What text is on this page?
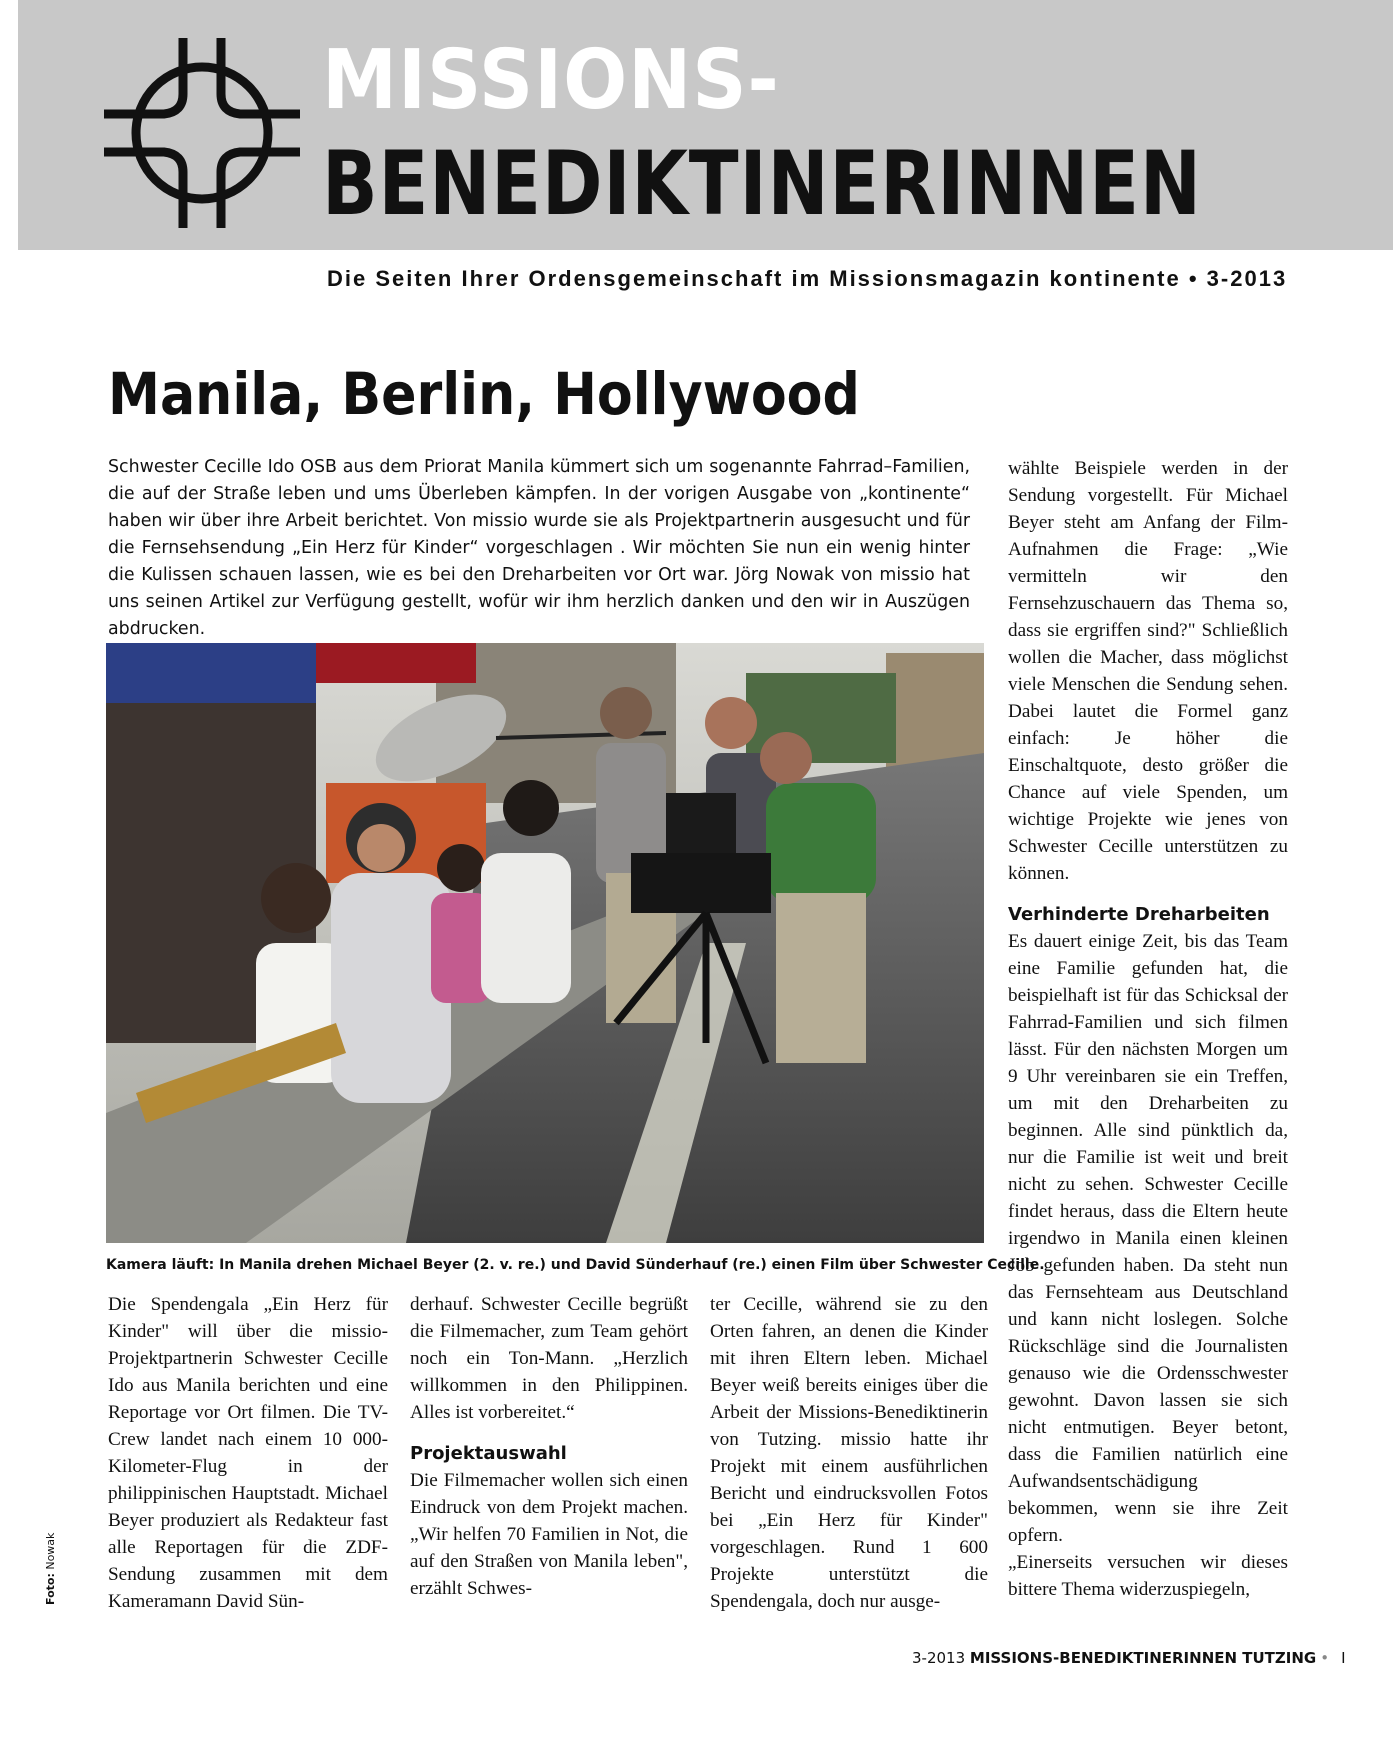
MISSIONS-
BENEDIKTINERINNEN
Die Seiten Ihrer Ordensgemeinschaft im Missionsmagazin kontinente • 3-2013
Manila, Berlin, Hollywood
Schwester Cecille Ido OSB aus dem Priorat Manila kümmert sich um sogenannte Fahrrad–Familien, die auf der Straße leben und ums Überleben kämpfen. In der vorigen Ausgabe von „kontinente“ haben wir über ihre Arbeit berichtet. Von missio wurde sie als Projektpartnerin ausgesucht und für die Fernsehsendung „Ein Herz für Kinder“ vorgeschlagen . Wir möchten Sie nun ein wenig hinter die Kulissen schauen lassen, wie es bei den Dreharbeiten vor Ort war. Jörg Nowak von missio hat uns seinen Artikel zur Verfügung gestellt, wofür wir ihm herzlich danken und den wir in Auszügen abdrucken.
Kamera läuft: In Manila drehen Michael Beyer (2. v. re.) und David Sünderhauf (re.) einen Film über Schwester Cecille.
Die Spendengala „Ein Herz für Kinder" will über die missio-Projektpartnerin Schwester Cecille Ido aus Manila berichten und eine Reportage vor Ort filmen. Die TV-Crew landet nach einem 10 000-Kilometer-Flug in der philippinischen Hauptstadt. Michael Beyer produziert als Redakteur fast alle Reportagen für die ZDF-Sendung zusammen mit dem Kameramann David Sün-
derhauf. Schwester Cecille begrüßt die Filmemacher, zum Team gehört noch ein Ton-Mann. „Herzlich willkommen in den Philippinen. Alles ist vorbereitet.“
Projektauswahl
Die Filmemacher wollen sich einen Eindruck von dem Projekt machen. „Wir helfen 70 Familien in Not, die auf den Straßen von Manila leben", erzählt Schwes-
ter Cecille, während sie zu den Orten fahren, an denen die Kinder mit ihren Eltern leben. Michael Beyer weiß bereits einiges über die Arbeit der Missions-Benediktinerin von Tutzing. missio hatte ihr Projekt mit einem ausführlichen Bericht und eindrucksvollen Fotos bei „Ein Herz für Kinder" vorgeschlagen. Rund 1 600 Projekte unterstützt die Spendengala, doch nur ausge-
wählte Beispiele werden in der Sendung vorgestellt. Für Michael Beyer steht am Anfang der Film-Aufnahmen die Frage: „Wie vermitteln wir den Fernsehzuschauern das Thema so, dass sie ergriffen sind?" Schließlich wollen die Macher, dass möglichst viele Menschen die Sendung sehen. Dabei lautet die Formel ganz einfach: Je höher die Einschaltquote, desto größer die Chance auf viele Spenden, um wichtige Projekte wie jenes von Schwester Cecille unterstützen zu können.
Verhinderte Dreharbeiten
Es dauert einige Zeit, bis das Team eine Familie gefunden hat, die beispielhaft ist für das Schicksal der Fahrrad-Familien und sich filmen lässt. Für den nächsten Morgen um 9 Uhr vereinbaren sie ein Treffen, um mit den Dreharbeiten zu beginnen. Alle sind pünktlich da, nur die Familie ist weit und breit nicht zu sehen. Schwester Cecille findet heraus, dass die Eltern heute irgendwo in Manila einen kleinen Job gefunden haben. Da steht nun das Fernsehteam aus Deutschland und kann nicht loslegen. Solche Rückschläge sind die Journalisten genauso wie die Ordensschwester gewohnt. Davon lassen sie sich nicht entmutigen. Beyer betont, dass die Familien natürlich eine Aufwandsentschädigung bekommen, wenn sie ihre Zeit opfern.
„Einerseits versuchen wir dieses bittere Thema widerzuspiegeln,
Foto: Nowak
3-2013 MISSIONS-BENEDIKTINERINNEN TUTZING • I
